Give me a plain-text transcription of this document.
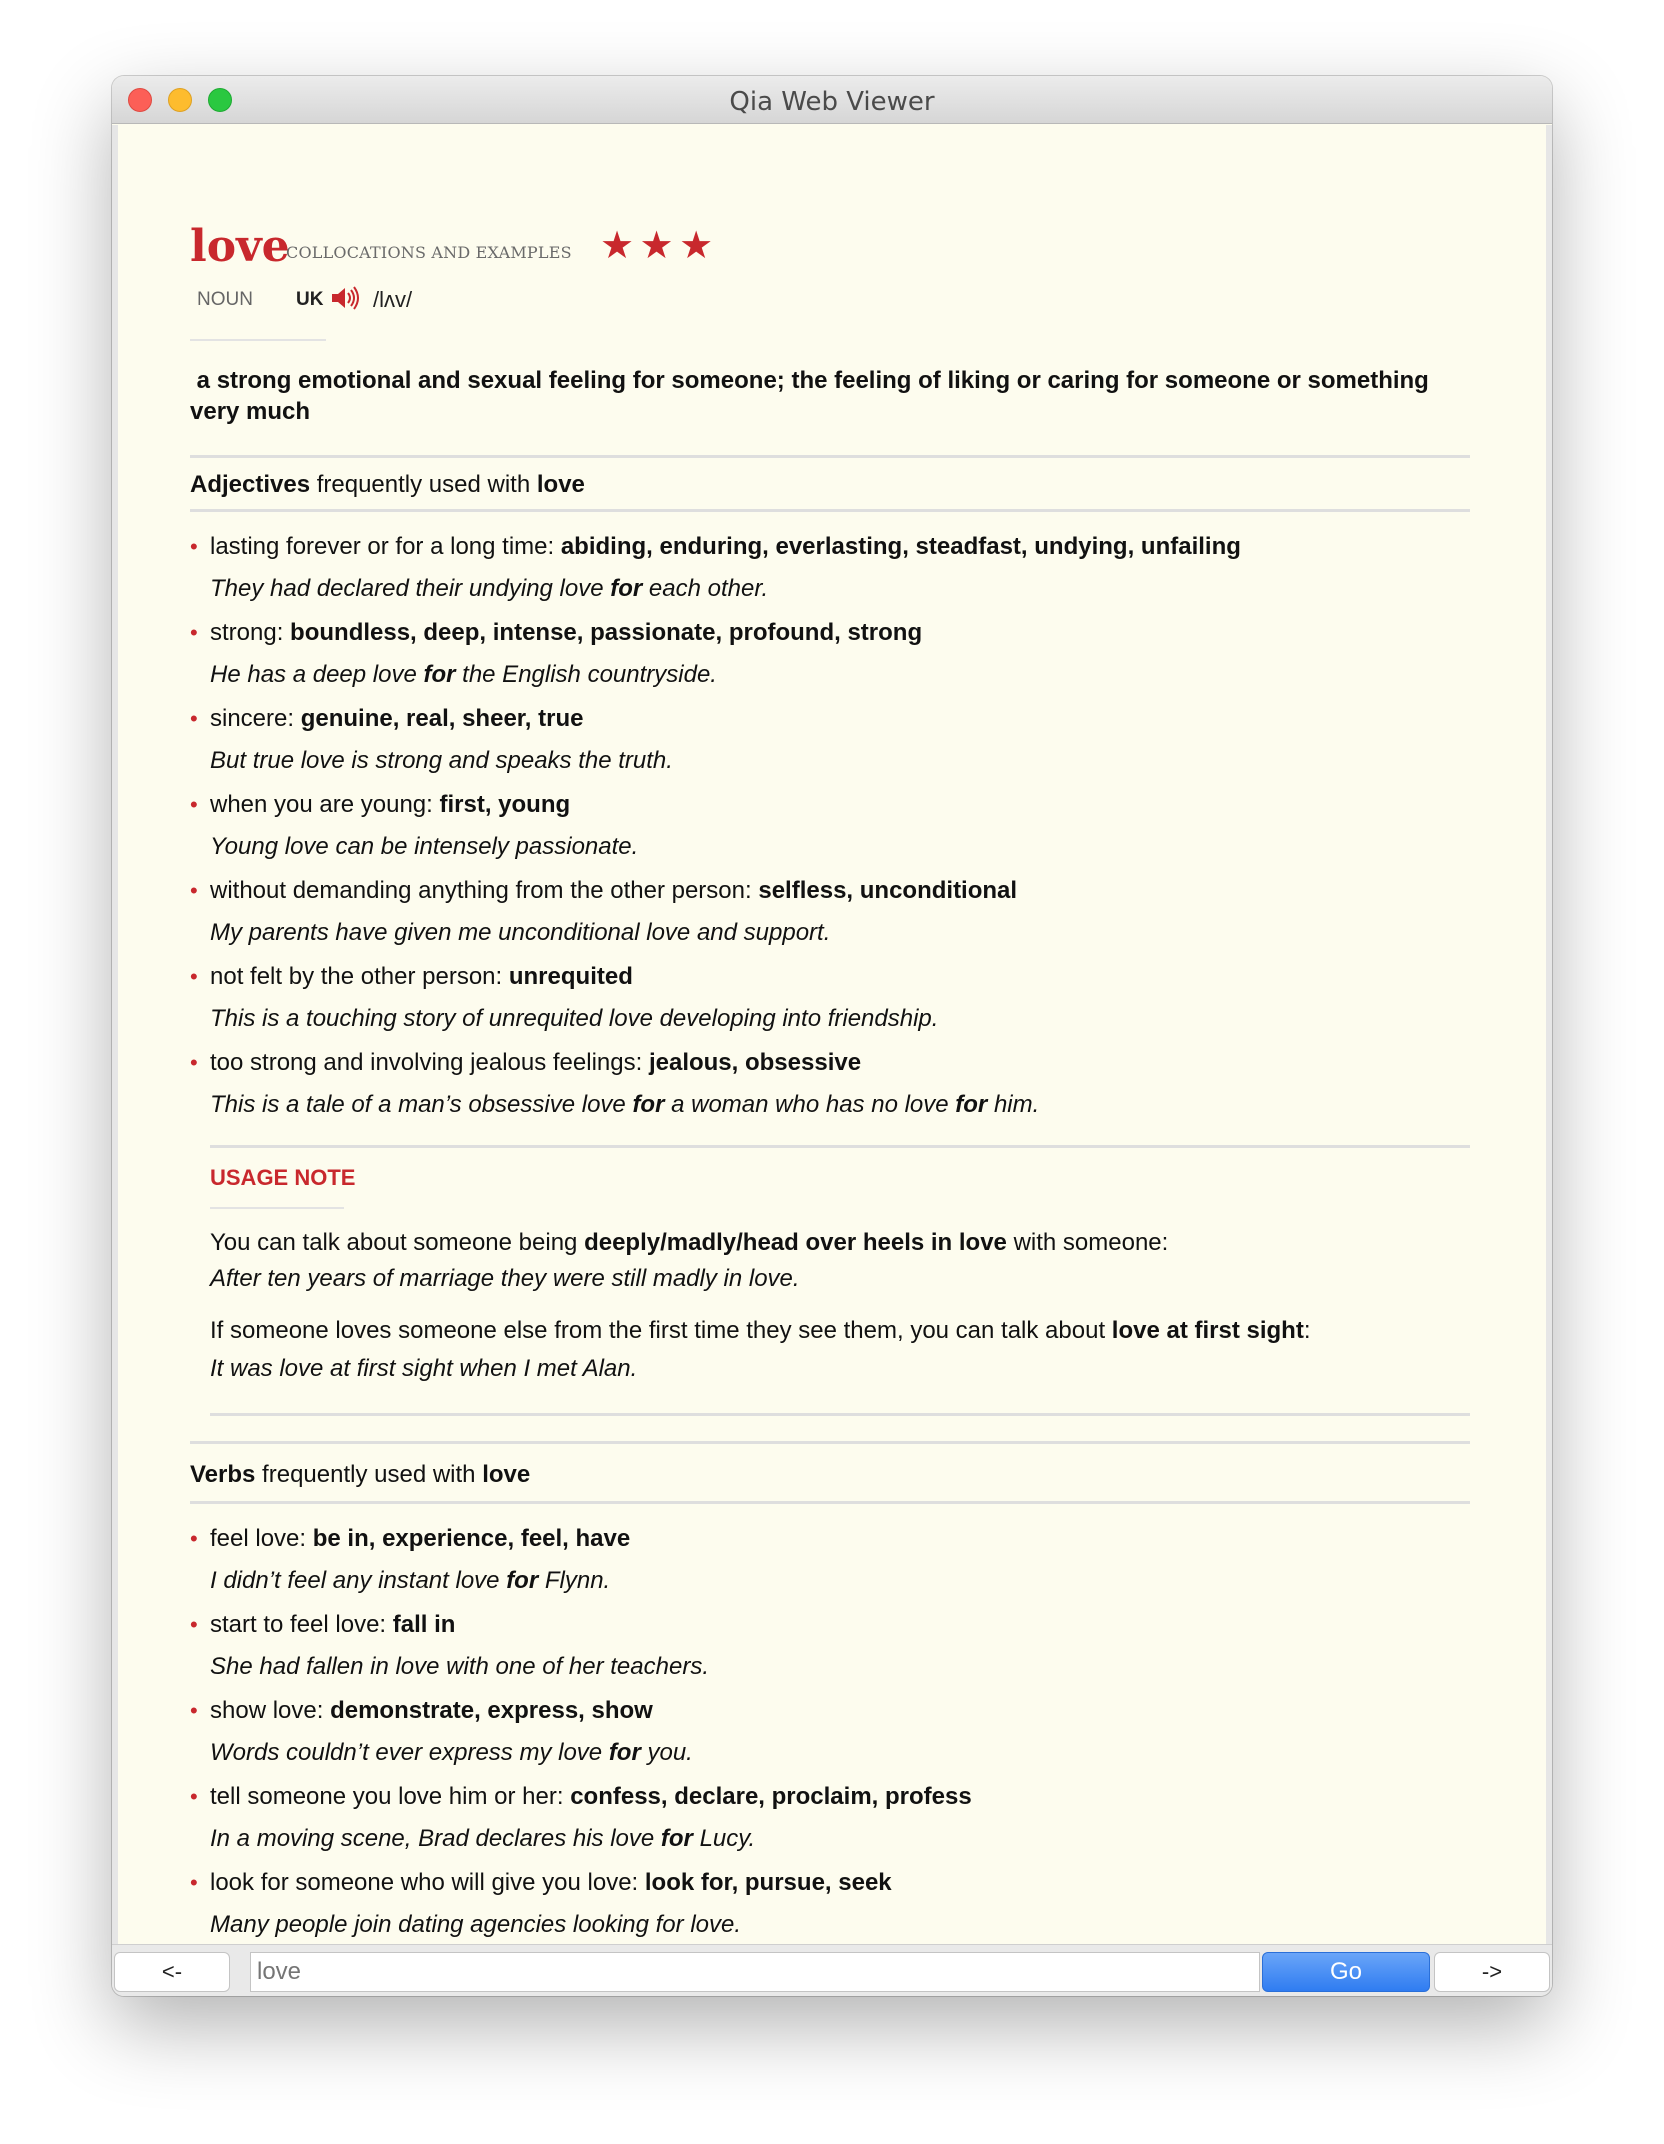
Qia Web Viewer
love
COLLOCATIONS AND EXAMPLES ★ ★ ★
NOUN UK /lʌv/
a strong emotional and sexual feeling for someone; the feeling of liking or caring for someone or something very much
Adjectives frequently used with love
• lasting forever or for a long time: abiding, enduring, everlasting, steadfast, undying, unfailing
They had declared their undying love for each other.
• strong: boundless, deep, intense, passionate, profound, strong
He has a deep love for the English countryside.
• sincere: genuine, real, sheer, true
But true love is strong and speaks the truth.
• when you are young: first, young
Young love can be intensely passionate.
• without demanding anything from the other person: selfless, unconditional
My parents have given me unconditional love and support.
• not felt by the other person: unrequited
This is a touching story of unrequited love developing into friendship.
• too strong and involving jealous feelings: jealous, obsessive
This is a tale of a man’s obsessive love for a woman who has no love for him.
USAGE NOTE
You can talk about someone being deeply/madly/head over heels in love with someone:
After ten years of marriage they were still madly in love.
If someone loves someone else from the first time they see them, you can talk about love at first sight:
It was love at first sight when I met Alan.
Verbs frequently used with love
• feel love: be in, experience, feel, have
I didn’t feel any instant love for Flynn.
• start to feel love: fall in
She had fallen in love with one of her teachers.
• show love: demonstrate, express, show
Words couldn’t ever express my love for you.
• tell someone you love him or her: confess, declare, proclaim, profess
In a moving scene, Brad declares his love for Lucy.
• look for someone who will give you love: look for, pursue, seek
Many people join dating agencies looking for love.
<-
love	Go	->
